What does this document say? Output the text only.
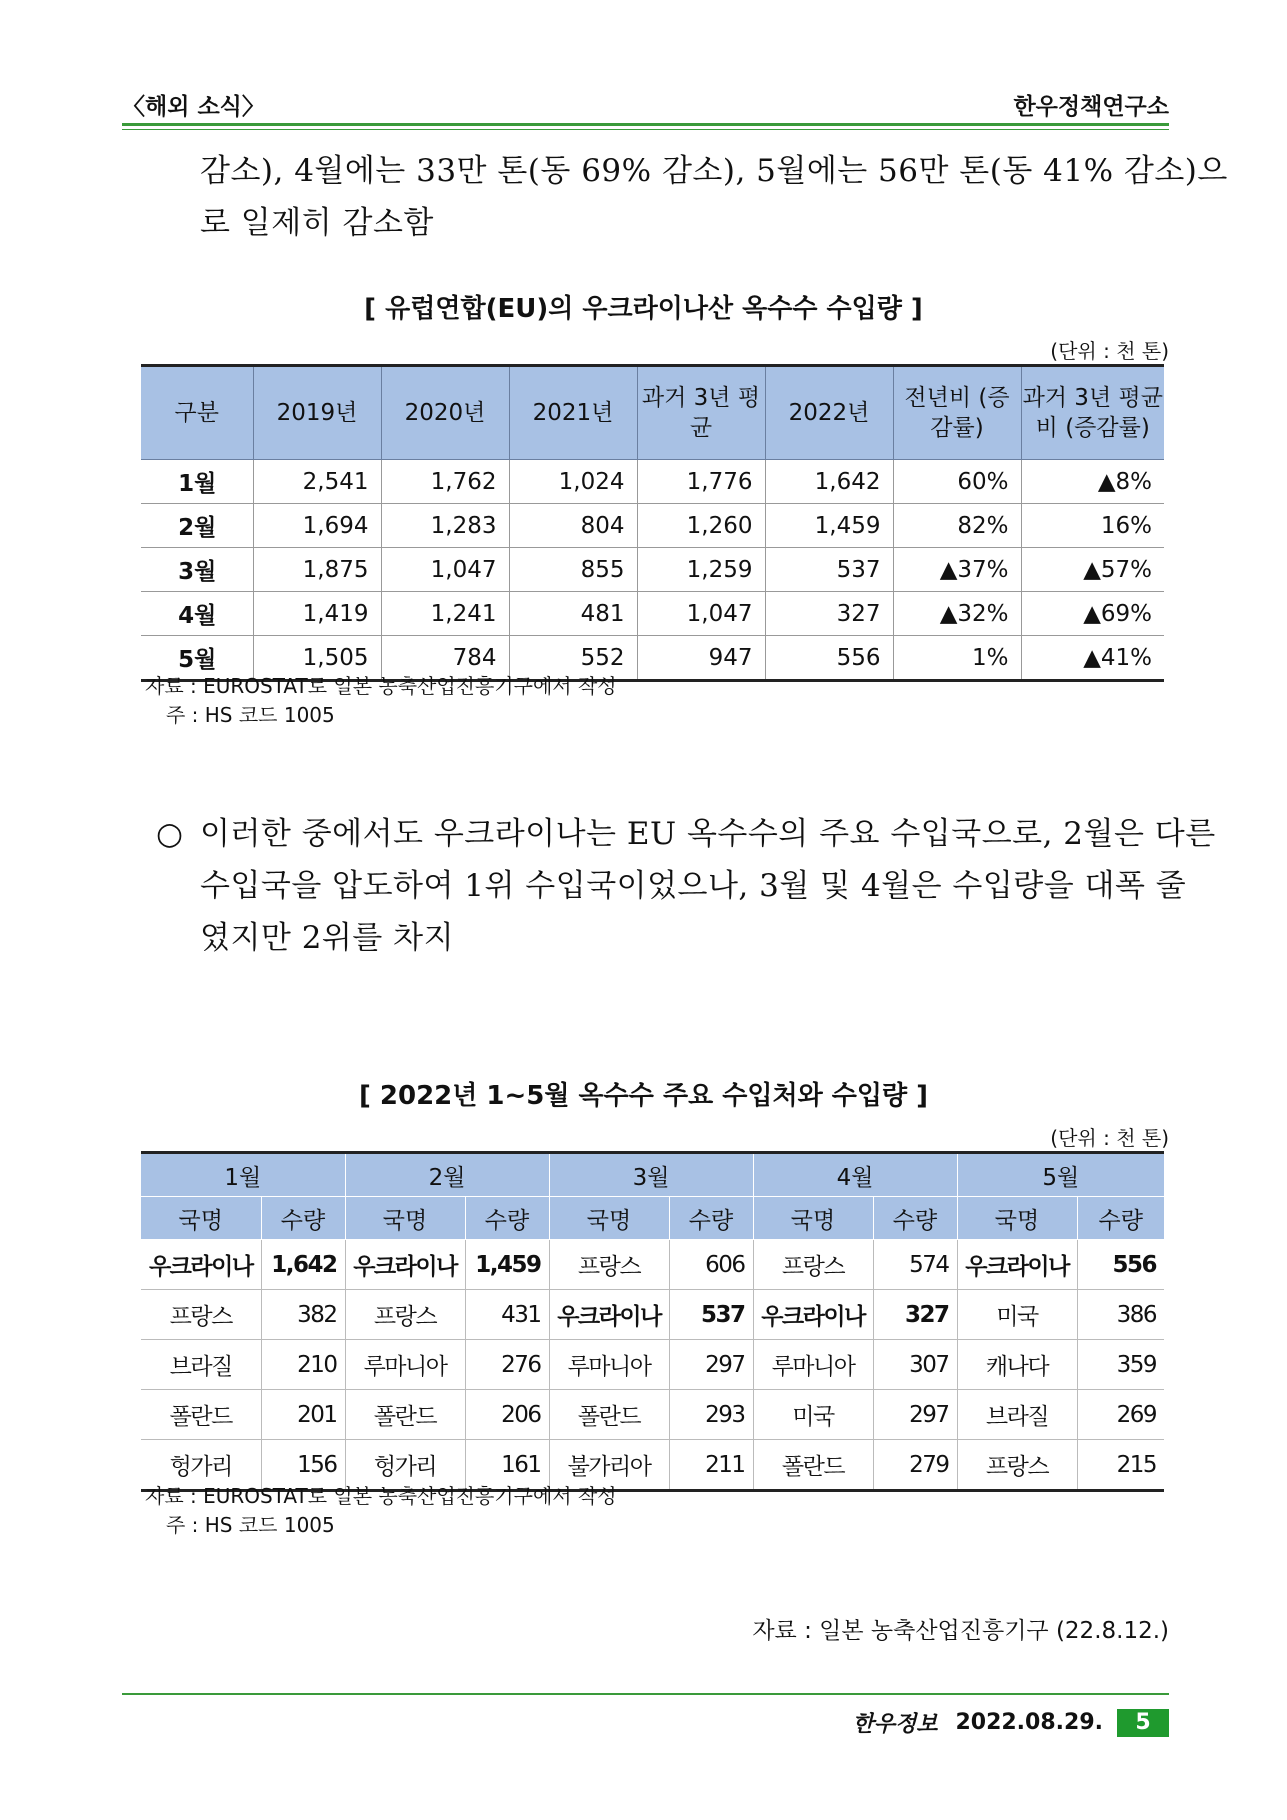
〈해외 소식〉	한우정책연구소
감소), 4월에는 33만 톤(동 69% 감소), 5월에는 56만 톤(동 41% 감소)으
로 일제히 감소함
[ 유럽연합(EU)의 우크라이나산 옥수수 수입량 ]
(단위 : 천 톤)
구분	2019년	2020년	2021년	과거 3년 평균	2022년	전년비 (증감률)	과거 3년 평균비 (증감률)
1월	2,541	1,762	1,024	1,776	1,642	60%	▲8%
2월	1,694	1,283	804	1,260	1,459	82%	16%
3월	1,875	1,047	855	1,259	537	▲37%	▲57%
4월	1,419	1,241	481	1,047	327	▲32%	▲69%
5월	1,505	784	552	947	556	1%	▲41%
자료 : EUROSTAT로 일본 농축산업진흥기구에서 작성
주 : HS 코드 1005
○ 이러한 중에서도 우크라이나는 EU 옥수수의 주요 수입국으로, 2월은 다른
수입국을 압도하여 1위 수입국이었으나, 3월 및 4월은 수입량을 대폭 줄
였지만 2위를 차지
[ 2022년 1~5월 옥수수 주요 수입처와 수입량 ]
(단위 : 천 톤)
1월		2월		3월		4월		5월	
국명	수량	국명	수량	국명	수량	국명	수량	국명	수량
우크라이나	1,642	우크라이나	1,459	프랑스	606	프랑스	574	우크라이나	556
프랑스	382	프랑스	431	우크라이나	537	우크라이나	327	미국	386
브라질	210	루마니아	276	루마니아	297	루마니아	307	캐나다	359
폴란드	201	폴란드	206	폴란드	293	미국	297	브라질	269
헝가리	156	헝가리	161	불가리아	211	폴란드	279	프랑스	215
자료 : EUROSTAT로 일본 농축산업진흥기구에서 작성
주 : HS 코드 1005
자료 : 일본 농축산업진흥기구 (22.8.12.)
한우정보 2022.08.29.	5
